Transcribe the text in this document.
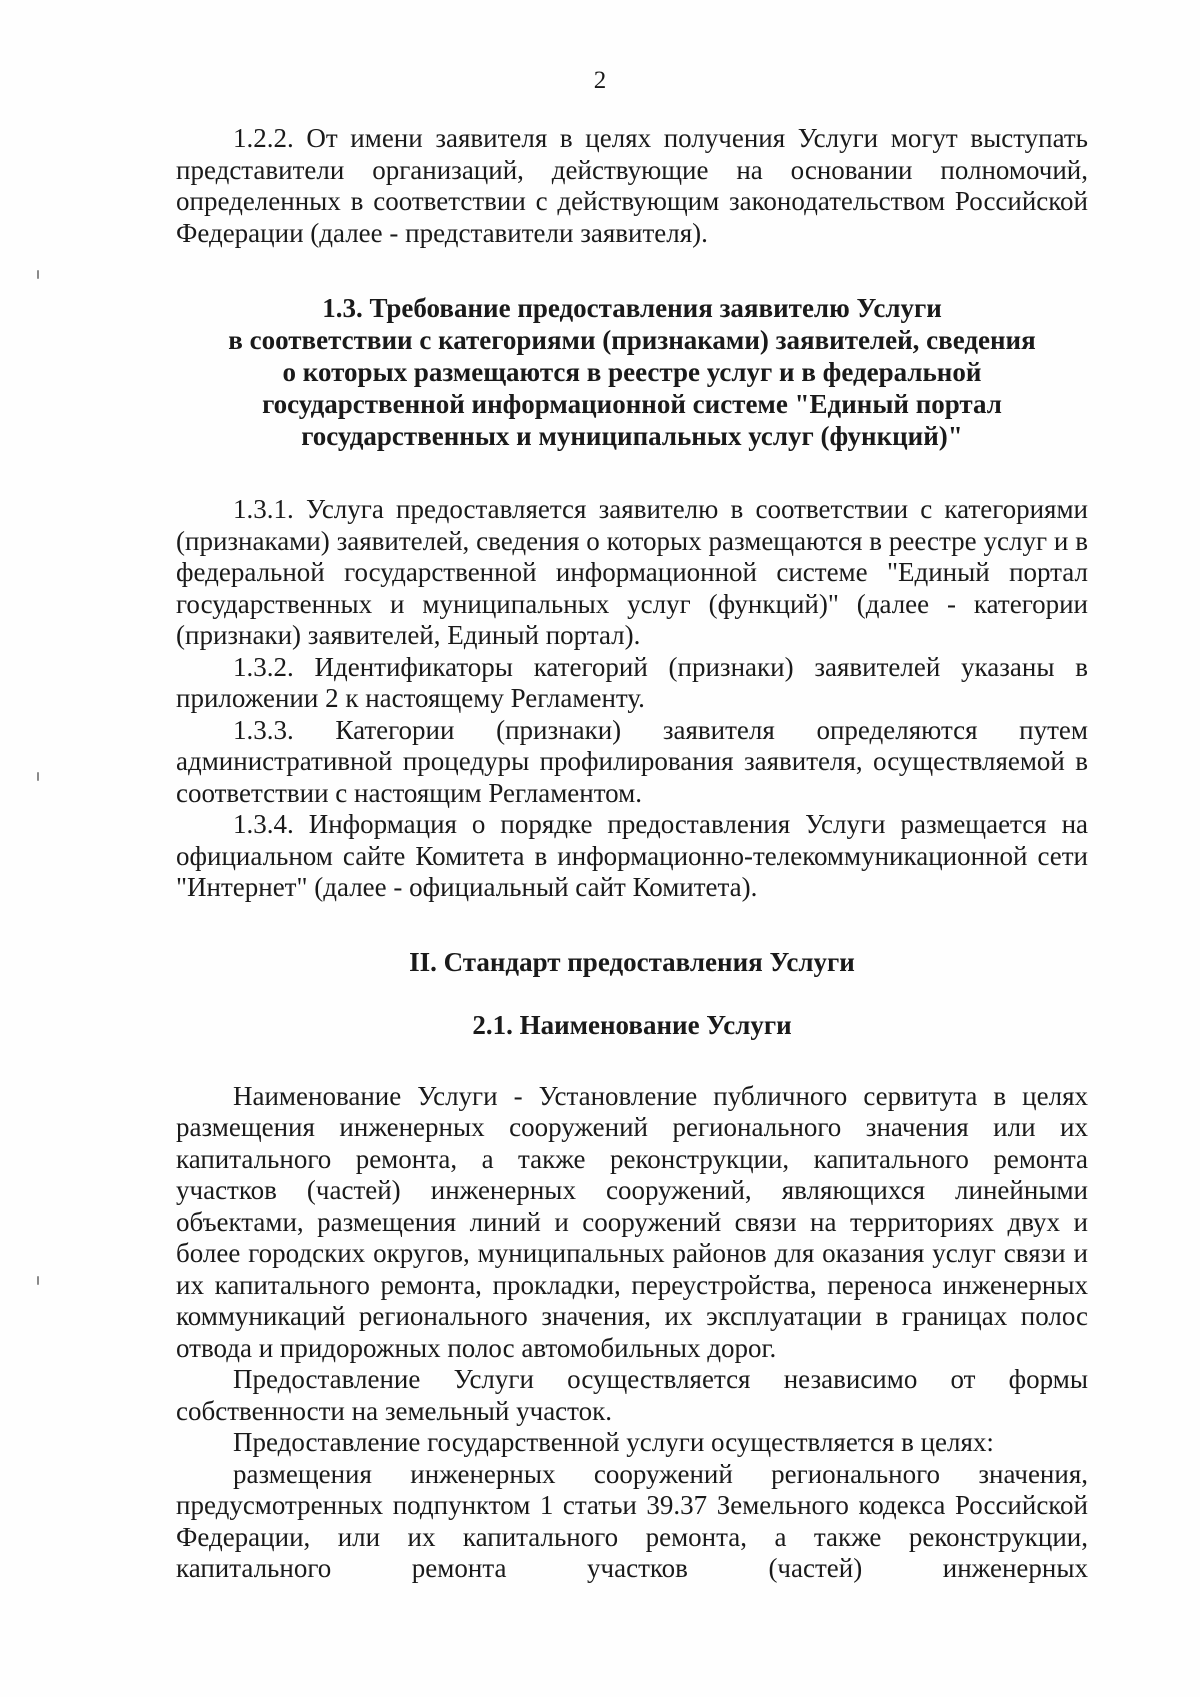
2

1.2.2. От имени заявителя в целях получения Услуги могут выступать представители организаций, действующие на основании полномочий, определенных в соответствии с действующим законодательством Российской Федерации (далее - представители заявителя).

1.3. Требование предоставления заявителю Услуги
в соответствии с категориями (признаками) заявителей, сведения
о которых размещаются в реестре услуг и в федеральной
государственной информационной системе "Единый портал
государственных и муниципальных услуг (функций)"

1.3.1. Услуга предоставляется заявителю в соответствии с категориями (признаками) заявителей, сведения о которых размещаются в реестре услуг и в федеральной государственной информационной системе "Единый портал государственных и муниципальных услуг (функций)" (далее - категории (признаки) заявителей, Единый портал).

1.3.2. Идентификаторы категорий (признаки) заявителей указаны в приложении 2 к настоящему Регламенту.

1.3.3. Категории (признаки) заявителя определяются путем административной процедуры профилирования заявителя, осуществляемой в соответствии с настоящим Регламентом.

1.3.4. Информация о порядке предоставления Услуги размещается на официальном сайте Комитета в информационно-телекоммуникационной сети "Интернет" (далее - официальный сайт Комитета).

II. Стандарт предоставления Услуги
2.1. Наименование Услуги

Наименование Услуги - Установление публичного сервитута в целях размещения инженерных сооружений регионального значения или их капитального ремонта, а также реконструкции, капитального ремонта участков (частей) инженерных сооружений, являющихся линейными объектами, размещения линий и сооружений связи на территориях двух и более городских округов, муниципальных районов для оказания услуг связи и их капитального ремонта, прокладки, переустройства, переноса инженерных коммуникаций регионального значения, их эксплуатации в границах полос отвода и придорожных полос автомобильных дорог.

Предоставление Услуги осуществляется независимо от формы собственности на земельный участок.

Предоставление государственной услуги осуществляется в целях:

размещения инженерных сооружений регионального значения, предусмотренных подпунктом 1 статьи 39.37 Земельного кодекса Российской Федерации, или их капитального ремонта, а также реконструкции, капитального ремонта участков (частей) инженерных
